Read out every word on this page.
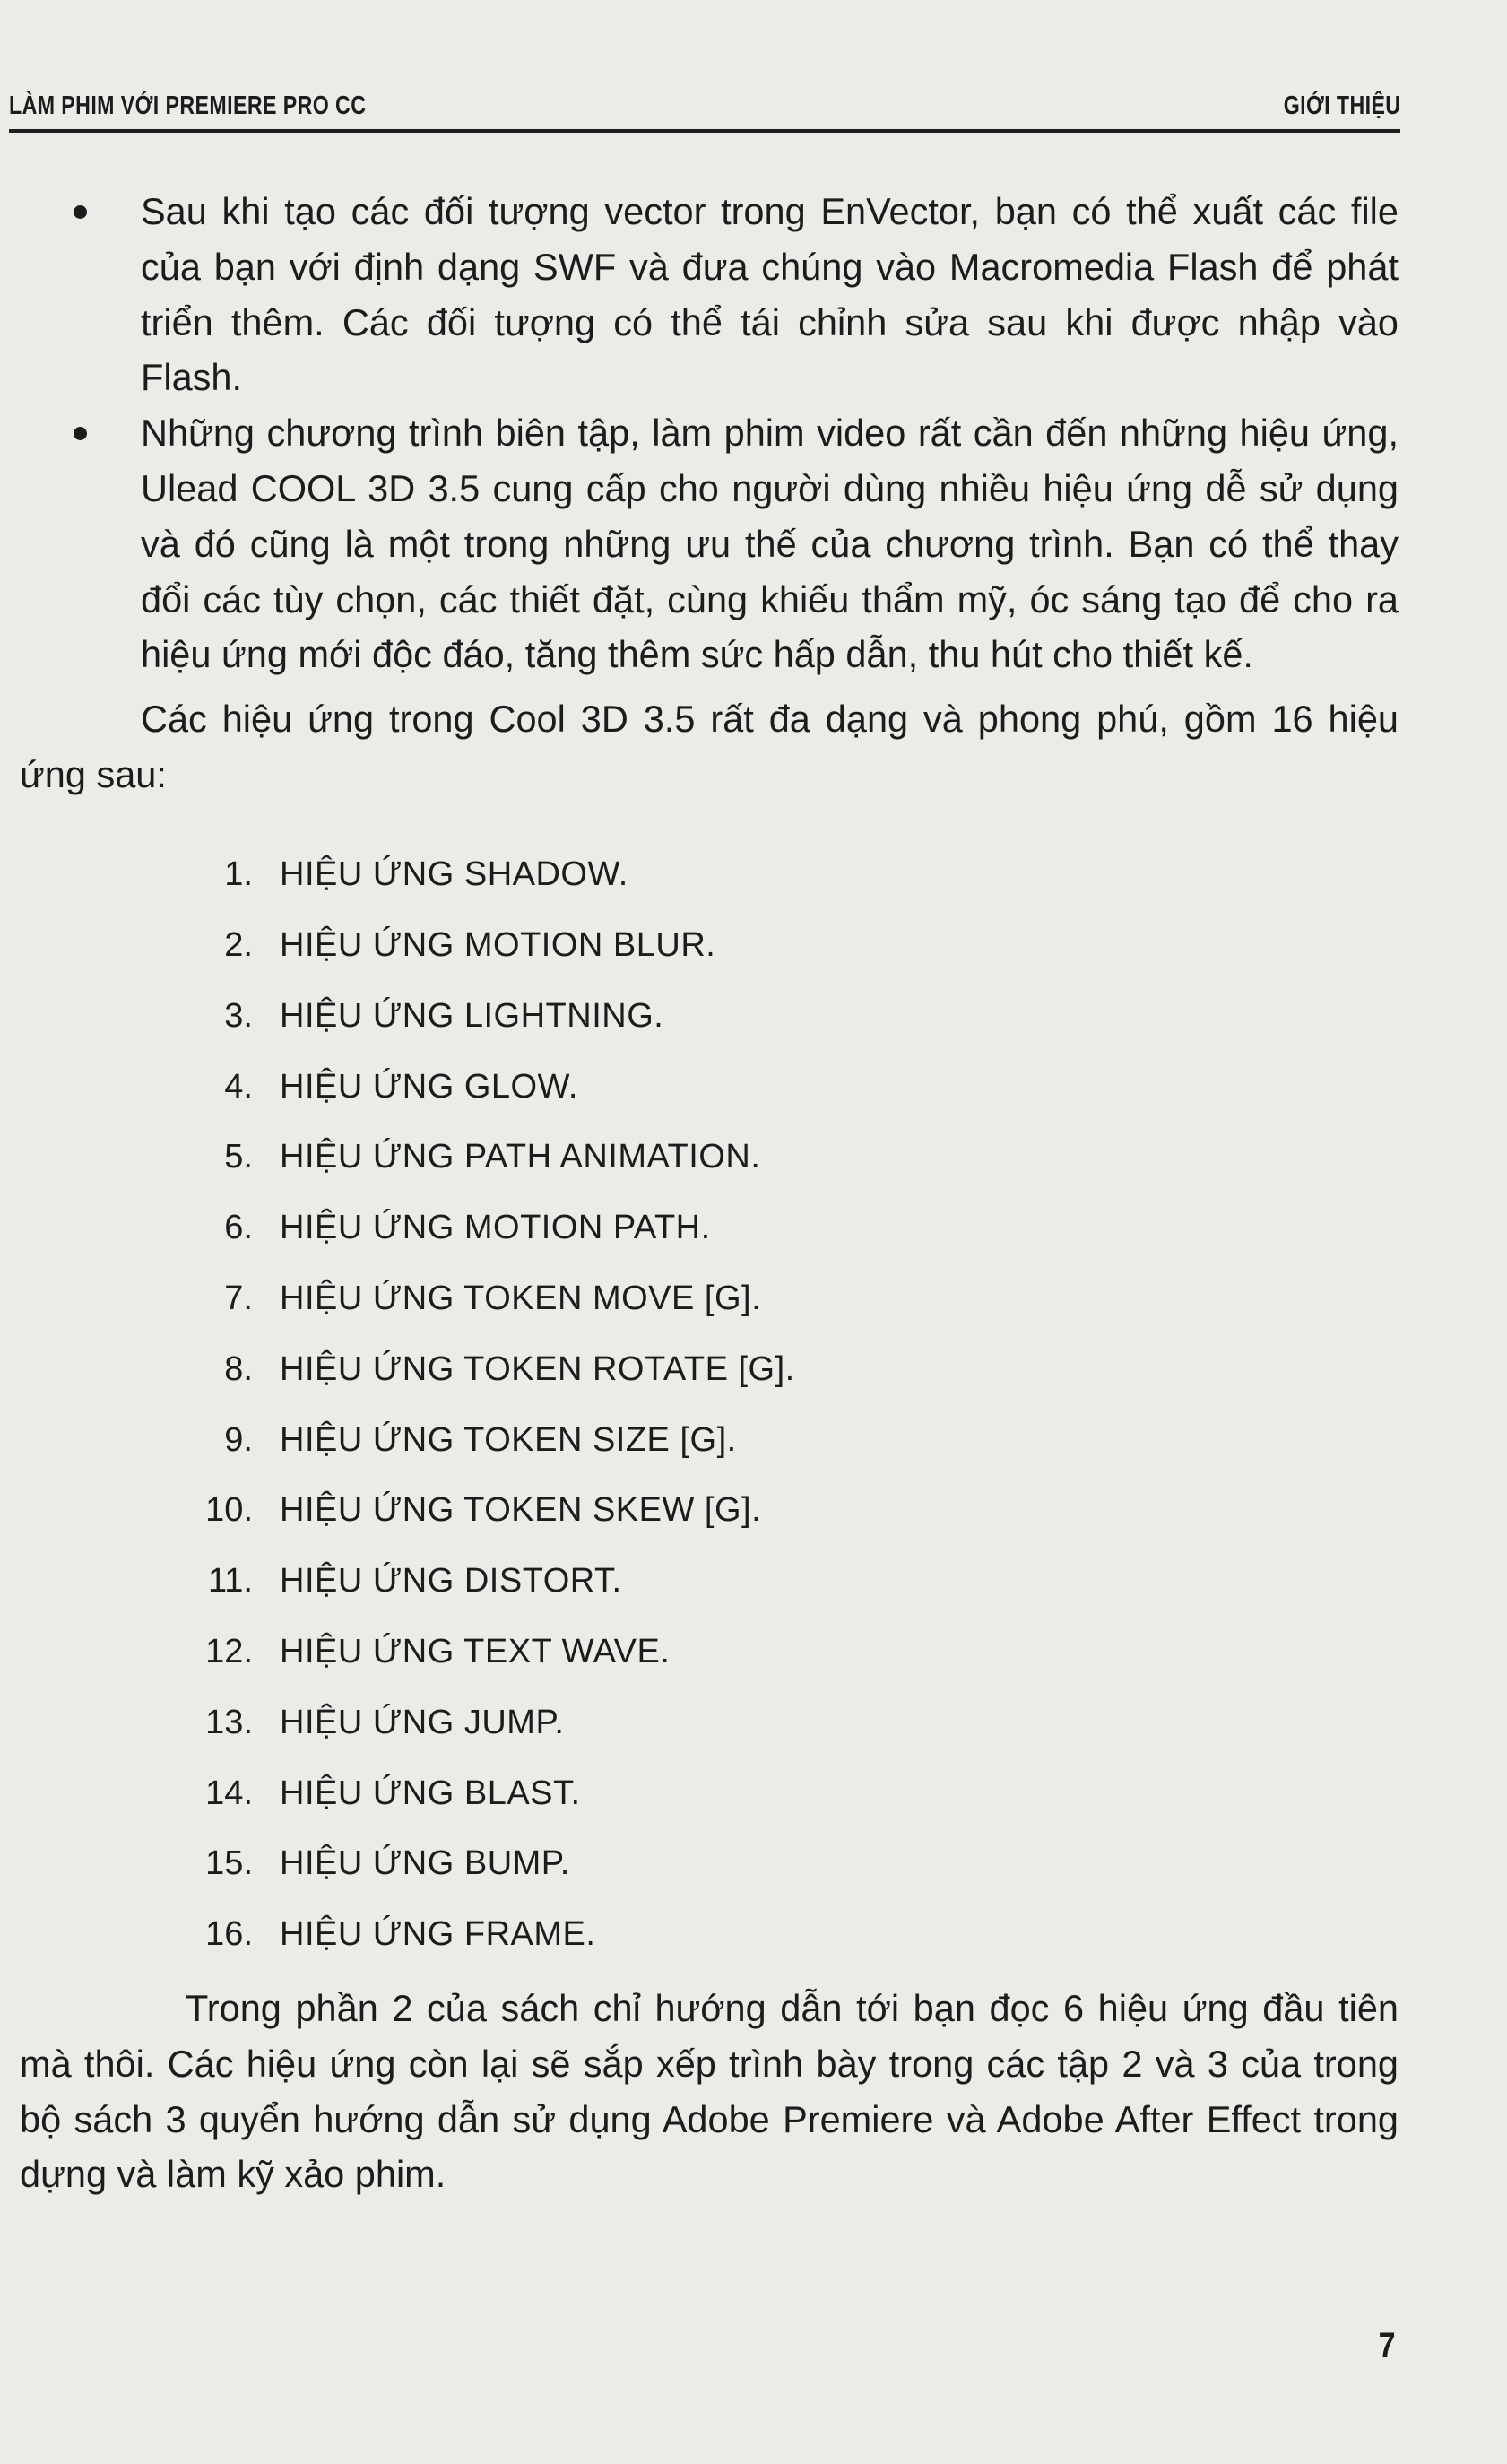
LÀM PHIM VỚI PREMIERE PRO CC	GIỚI THIỆU
Sau khi tạo các đối tượng vector trong EnVector, bạn có thể xuất các file của bạn với định dạng SWF và đưa chúng vào Macromedia Flash để phát triển thêm. Các đối tượng có thể tái chỉnh sửa sau khi được nhập vào Flash.
Những chương trình biên tập, làm phim video rất cần đến những hiệu ứng, Ulead COOL 3D 3.5 cung cấp cho người dùng nhiều hiệu ứng dễ sử dụng và đó cũng là một trong những ưu thế của chương trình. Bạn có thể thay đổi các tùy chọn, các thiết đặt, cùng khiếu thẩm mỹ, óc sáng tạo để cho ra hiệu ứng mới độc đáo, tăng thêm sức hấp dẫn, thu hút cho thiết kế.

Các hiệu ứng trong Cool 3D 3.5 rất đa dạng và phong phú, gồm 16 hiệu ứng sau:

1. HIỆU ỨNG SHADOW.
2. HIỆU ỨNG MOTION BLUR.
3. HIỆU ỨNG LIGHTNING.
4. HIỆU ỨNG GLOW.
5. HIỆU ỨNG PATH ANIMATION.
6. HIỆU ỨNG MOTION PATH.
7. HIỆU ỨNG TOKEN MOVE [G].
8. HIỆU ỨNG TOKEN ROTATE [G].
9. HIỆU ỨNG TOKEN SIZE [G].
10. HIỆU ỨNG TOKEN SKEW [G].
11. HIỆU ỨNG DISTORT.
12. HIỆU ỨNG TEXT WAVE.
13. HIỆU ỨNG JUMP.
14. HIỆU ỨNG BLAST.
15. HIỆU ỨNG BUMP.
16. HIỆU ỨNG FRAME.

Trong phần 2 của sách chỉ hướng dẫn tới bạn đọc 6 hiệu ứng đầu tiên mà thôi. Các hiệu ứng còn lại sẽ sắp xếp trình bày trong các tập 2 và 3 của trong bộ sách 3 quyển hướng dẫn sử dụng Adobe Premiere và Adobe After Effect trong dựng và làm kỹ xảo phim.

7
